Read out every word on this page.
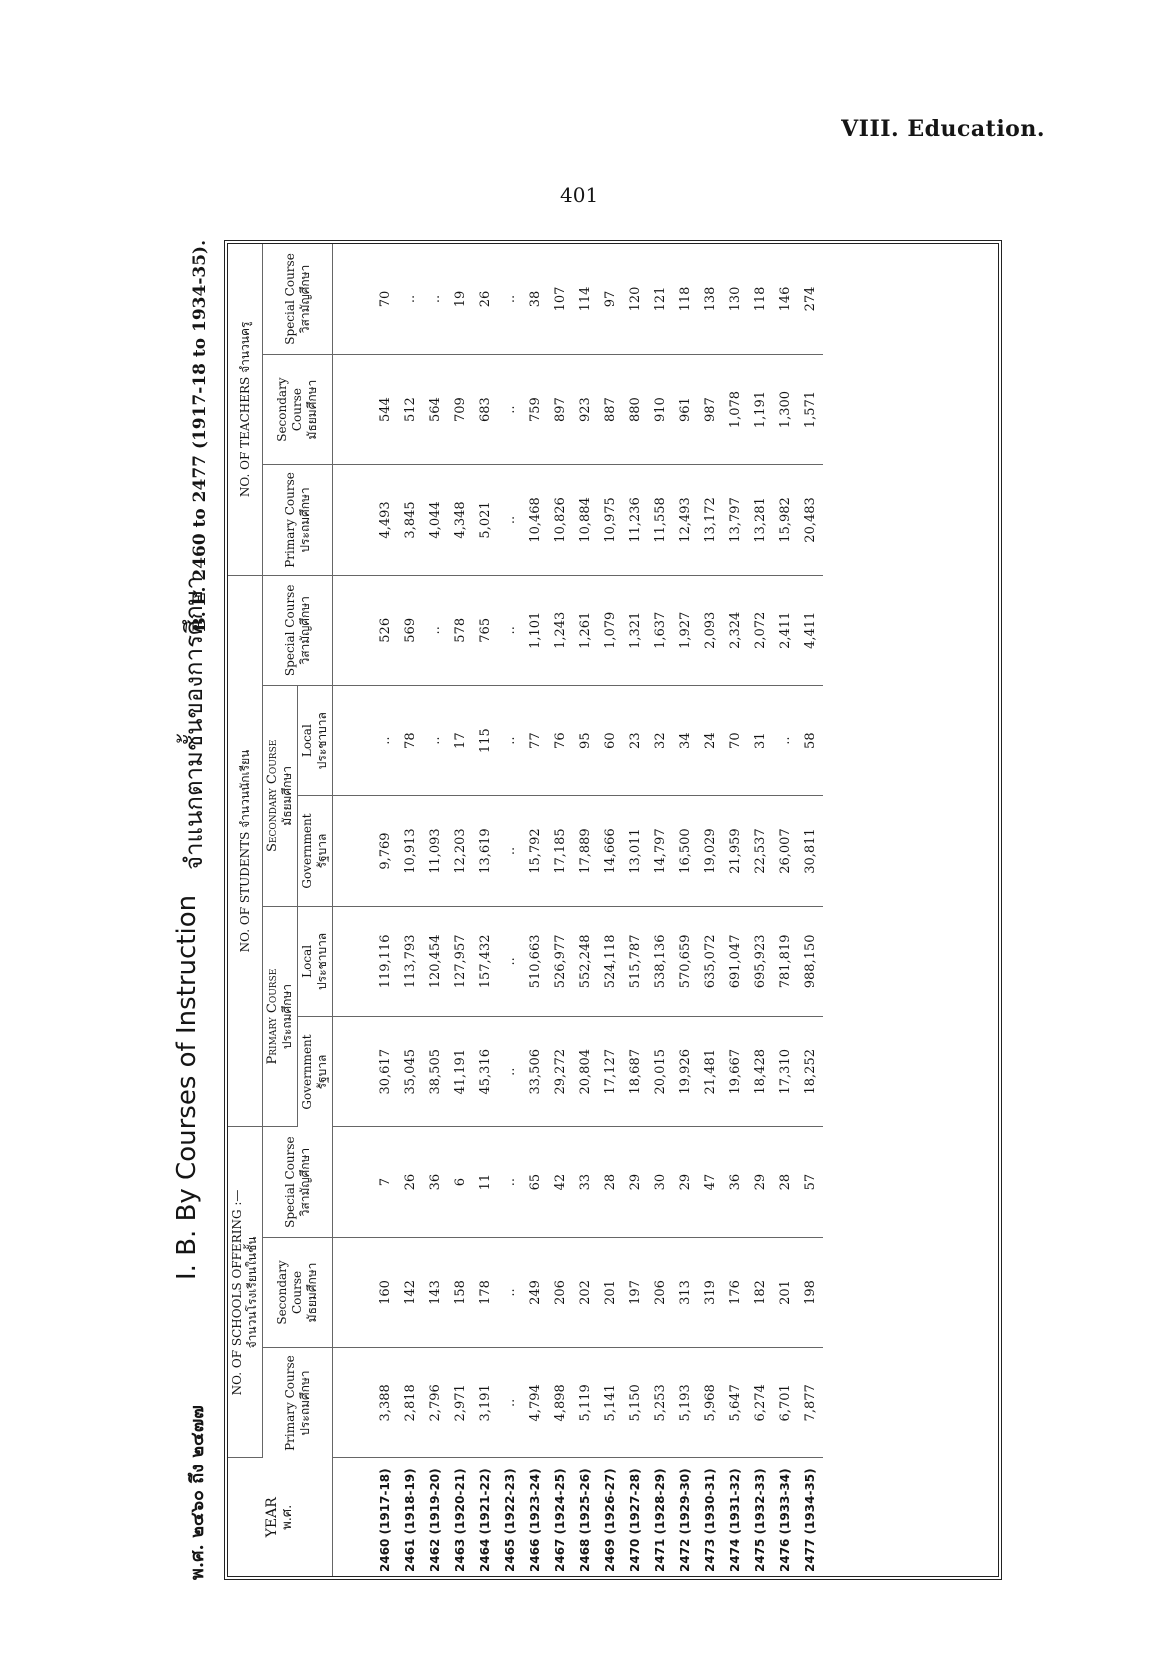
VIII. Education.
401
พ.ศ. ๒๔๖๐ ถึง ๒๔๗๗
I. B. By Courses of Instruction
จำแนกตามชั้นของการศึกษา
B. E. 2460 to 2477 (1917-18 to 1934-35).
YEAR พ.ศ.	NO. OF SCHOOLS OFFERING :—
จำนวนโรงเรียนในชั้น			NO. OF STUDENTS จำนวนนักเรียน					NO. OF TEACHERS จำนวนครู		
	Primary Course
ประถมศึกษา	Secondary Course
มัธยมศึกษา	Special Course
วิสามัญศึกษา	Primary Course
ประถมศึกษา		Secondary Course
มัธยมศึกษา		Special Course
วิสามัญศึกษา	Primary Course
ประถมศึกษา	Secondary Course
มัธยมศึกษา	Special Course
วิสามัญศึกษา
				Government
รัฐบาล	Local
ประชาบาล	Government
รัฐบาล	Local
ประชาบาล				
2460 (1917-18)	3,388	160	7	30,617	119,116	9,769	..	526	4,493	544	70
2461 (1918-19)	2,818	142	26	35,045	113,793	10,913	78	569	3,845	512	..
2462 (1919-20)	2,796	143	36	38,505	120,454	11,093	..	..	4,044	564	..
2463 (1920-21)	2,971	158	6	41,191	127,957	12,203	17	578	4,348	709	19
2464 (1921-22)	3,191	178	11	45,316	157,432	13,619	115	765	5,021	683	26
2465 (1922-23)	..	..	..	..	..	..	..	..	..	..	..
2466 (1923-24)	4,794	249	65	33,506	510,663	15,792	77	1,101	10,468	759	38
2467 (1924-25)	4,898	206	42	29,272	526,977	17,185	76	1,243	10,826	897	107
2468 (1925-26)	5,119	202	33	20,804	552,248	17,889	95	1,261	10,884	923	114
2469 (1926-27)	5,141	201	28	17,127	524,118	14,666	60	1,079	10,975	887	97
2470 (1927-28)	5,150	197	29	18,687	515,787	13,011	23	1,321	11,236	880	120
2471 (1928-29)	5,253	206	30	20,015	538,136	14,797	32	1,637	11,558	910	121
2472 (1929-30)	5,193	313	29	19,926	570,659	16,500	34	1,927	12,493	961	118
2473 (1930-31)	5,968	319	47	21,481	635,072	19,029	24	2,093	13,172	987	138
2474 (1931-32)	5,647	176	36	19,667	691,047	21,959	70	2,324	13,797	1,078	130
2475 (1932-33)	6,274	182	29	18,428	695,923	22,537	31	2,072	13,281	1,191	118
2476 (1933-34)	6,701	201	28	17,310	781,819	26,007	..	2,411	15,982	1,300	146
2477 (1934-35)	7,877	198	57	18,252	988,150	30,811	58	4,411	20,483	1,571	274
